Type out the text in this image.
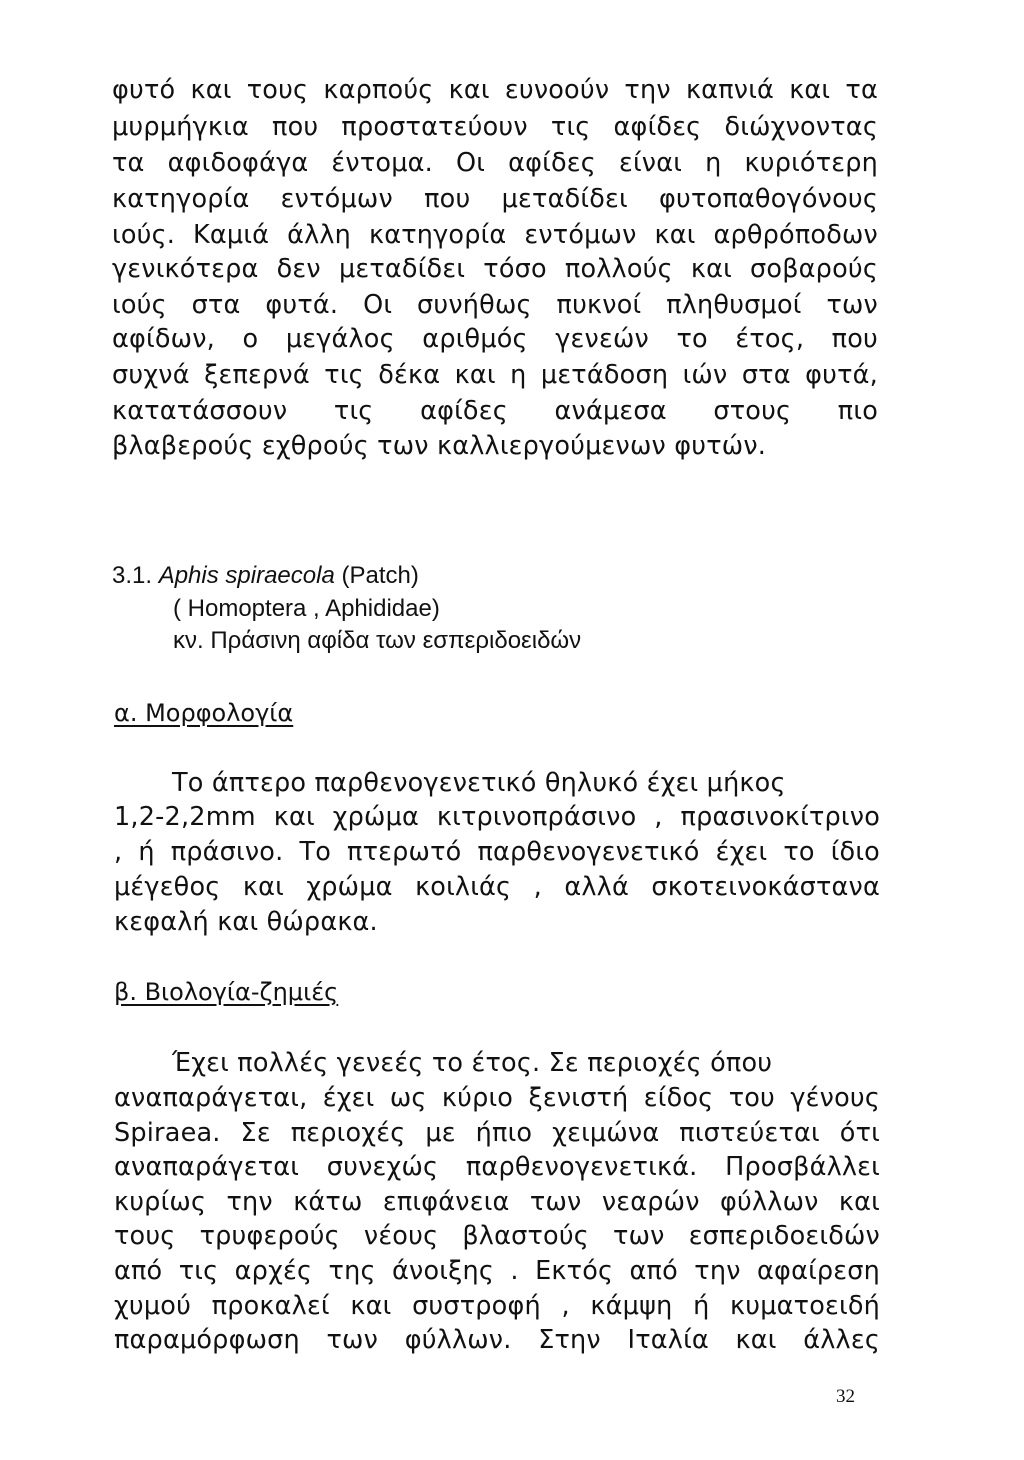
φυτό και τους καρπούς και ευνοούν την καπνιά και τα
μυρμήγκια που προστατεύουν τις αφίδες διώχνοντας
τα αφιδοφάγα έντομα. Οι αφίδες είναι η κυριότερη
κατηγορία εντόμων που μεταδίδει φυτοπαθογόνους
ιούς. Καμιά άλλη κατηγορία εντόμων και αρθρόποδων
γενικότερα δεν μεταδίδει τόσο πολλούς και σοβαρούς
ιούς στα φυτά. Οι συνήθως πυκνοί πληθυσμοί των
αφίδων, ο μεγάλος αριθμός γενεών το έτος, που
συχνά ξεπερνά τις δέκα και η μετάδοση ιών στα φυτά,
κατατάσσουν τις αφίδες ανάμεσα στους πιο
βλαβερούς εχθρούς των καλλιεργούμενων φυτών.
3.1. Aphis spiraecola (Patch)
( Homoptera , Aphididae)
κν. Πράσινη αφίδα των εσπεριδοειδών
α. Μορφολογία
Το άπτερο παρθενογενετικό θηλυκό έχει μήκος
1,2-2,2mm και χρώμα κιτρινοπράσινο , πρασινοκίτρινο
, ή πράσινο. Το πτερωτό παρθενογενετικό έχει το ίδιο
μέγεθος και χρώμα κοιλιάς , αλλά σκοτεινοκάστανα
κεφαλή και θώρακα.
β. Βιολογία-ζημιές
Έχει πολλές γενεές το έτος. Σε περιοχές όπου
αναπαράγεται, έχει ως κύριο ξενιστή είδος του γένους
Spiraea. Σε περιοχές με ήπιο χειμώνα πιστεύεται ότι
αναπαράγεται συνεχώς παρθενογενετικά. Προσβάλλει
κυρίως την κάτω επιφάνεια των νεαρών φύλλων και
τους τρυφερούς νέους βλαστούς των εσπεριδοειδών
από τις αρχές της άνοιξης . Εκτός από την αφαίρεση
χυμού προκαλεί και συστροφή , κάμψη ή κυματοειδή
παραμόρφωση των φύλλων. Στην Ιταλία και άλλες
32
